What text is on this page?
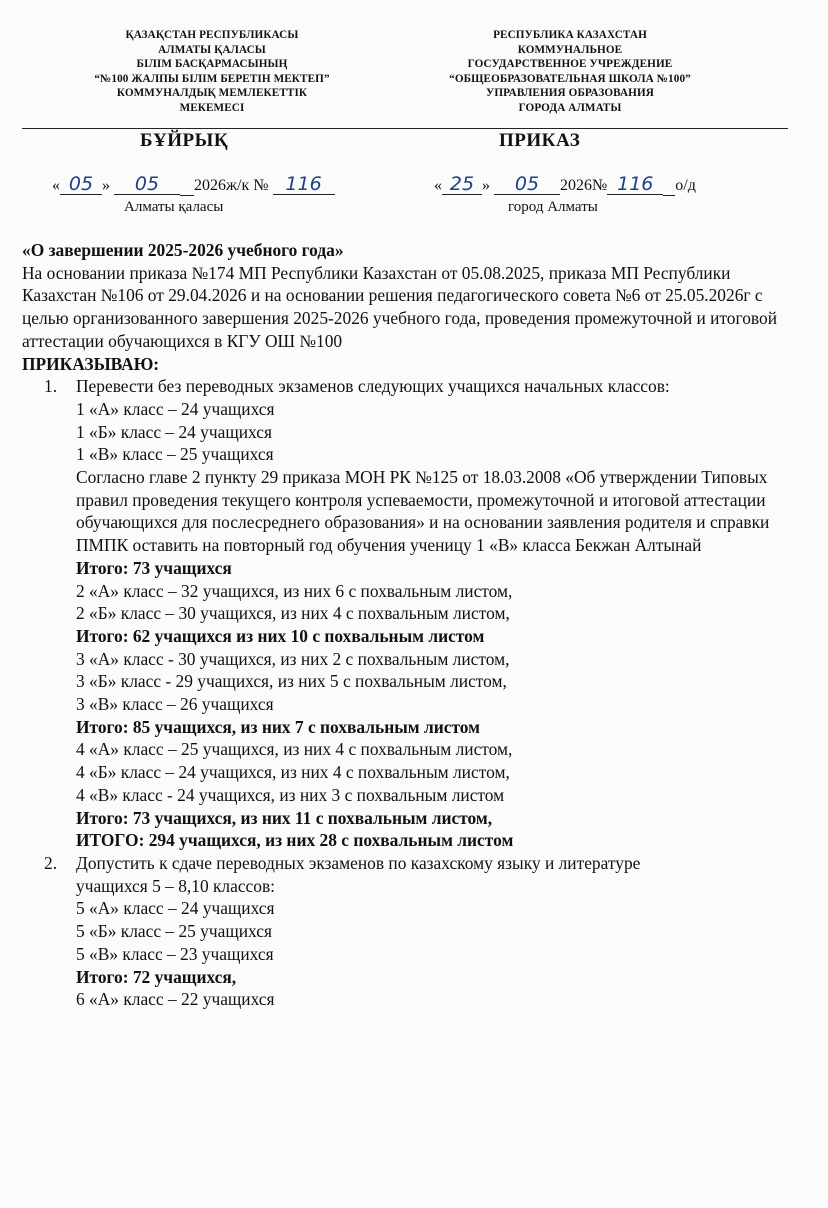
ҚАЗАҚСТАН РЕСПУБЛИКАСЫ
АЛМАТЫ ҚАЛАСЫ
БІЛІМ БАСҚАРМАСЫНЫҢ
“№100 ЖАЛПЫ БІЛІМ БЕРЕТІН МЕКТЕП”
КОММУНАЛДЫҚ МЕМЛЕКЕТТІК
МЕКЕМЕСІ
РЕСПУБЛИКА КАЗАХСТАН
КОММУНАЛЬНОЕ
ГОСУДАРСТВЕННОЕ УЧРЕЖДЕНИЕ
“ОБЩЕОБРАЗОВАТЕЛЬНАЯ ШКОЛА №100”
УПРАВЛЕНИЯ ОБРАЗОВАНИЯ
ГОРОДА АЛМАТЫ
БҰЙРЫҚ	ПРИКАЗ
« 05 » 05 2026ж/к № 116
Алматы қаласы
« 25 » 05 2026№ 116 о/д
город Алматы

«О завершении 2025-2026 учебного года»

На основании приказа №174 МП Республики Казахстан от 05.08.2025, приказа МП Республики Казахстан №106 от 29.04.2026 и на основании решения педагогического совета №6 от 25.05.2026г с целью организованного завершения 2025-2026 учебного года, проведения промежуточной и итоговой аттестации обучающихся в КГУ ОШ №100

ПРИКАЗЫВАЮ:

1. Перевести без переводных экзаменов следующих учащихся начальных классов:

1 «А» класс – 24 учащихся

1 «Б» класс – 24 учащихся

1 «В» класс – 25 учащихся

Согласно главе 2 пункту 29 приказа МОН РК №125 от 18.03.2008 «Об утверждении Типовых правил проведения текущего контроля успеваемости, промежуточной и итоговой аттестации обучающихся для послесреднего образования» и на основании заявления родителя и справки ПМПК оставить на повторный год обучения ученицу 1 «В» класса Бекжан Алтынай

Итого: 73 учащихся

2 «А» класс – 32 учащихся, из них 6 с похвальным листом,

2 «Б» класс – 30 учащихся, из них 4 с похвальным листом,

Итого: 62 учащихся из них 10 с похвальным листом

3 «А» класс - 30 учащихся, из них 2 с похвальным листом,

3 «Б» класс - 29 учащихся, из них 5 с похвальным листом,

3 «В» класс – 26 учащихся

Итого: 85 учащихся, из них 7 с похвальным листом

4 «А» класс – 25 учащихся, из них 4 с похвальным листом,

4 «Б» класс – 24 учащихся, из них 4 с похвальным листом,

4 «В» класс - 24 учащихся, из них 3 с похвальным листом

Итого: 73 учащихся, из них 11 с похвальным листом,

ИТОГО: 294 учащихся, из них 28 с похвальным листом

2. Допустить к сдаче переводных экзаменов по казахскому языку и литературе учащихся 5 – 8,10 классов:

5 «А» класс – 24 учащихся

5 «Б» класс – 25 учащихся

5 «В» класс – 23 учащихся

Итого: 72 учащихся,

6 «А» класс – 22 учащихся
